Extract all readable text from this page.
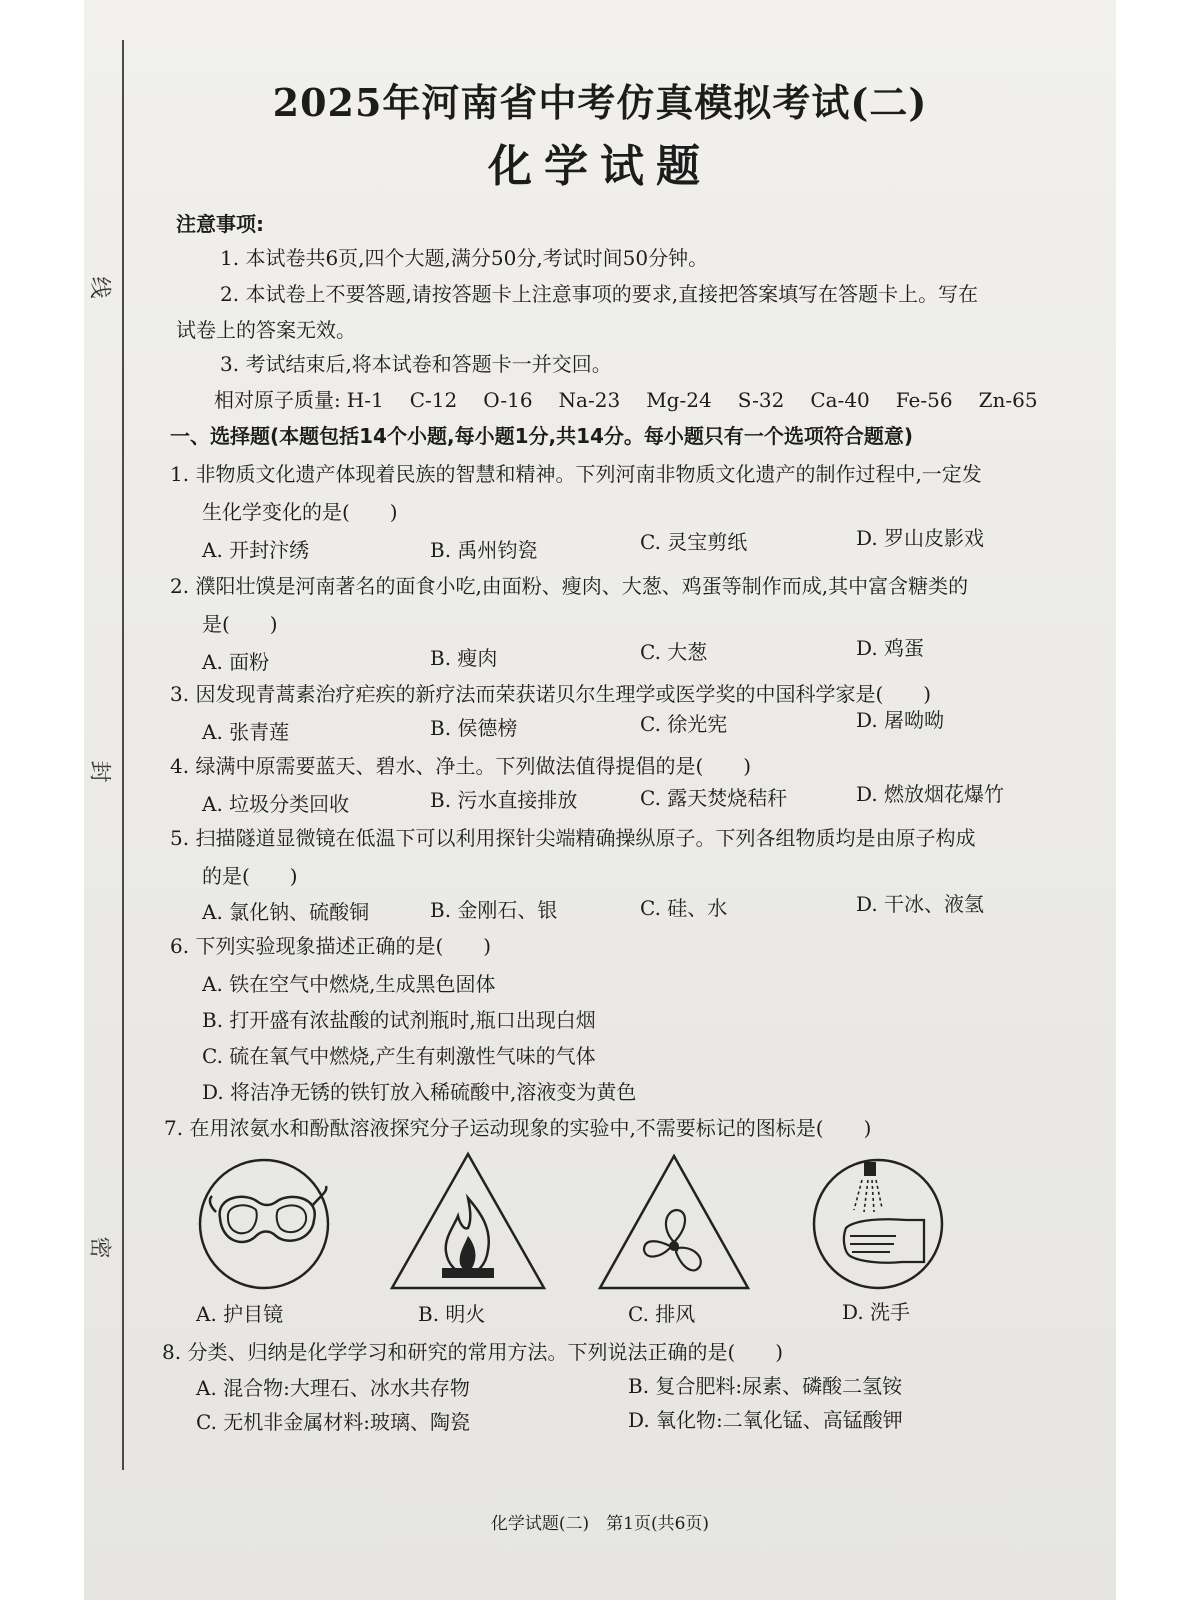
线
封
密
2025年河南省中考仿真模拟考试(二)
化学试题

注意事项:

1. 本试卷共6页,四个大题,满分50分,考试时间50分钟。

2. 本试卷上不要答题,请按答题卡上注意事项的要求,直接把答案填写在答题卡上。写在

试卷上的答案无效。

3. 考试结束后,将本试卷和答题卡一并交回。

相对原子质量: H-1 C-12 O-16 Na-23 Mg-24 S-32 Ca-40 Fe-56 Zn-65

一、选择题(本题包括14个小题,每小题1分,共14分。每小题只有一个选项符合题意)

1. 非物质文化遗产体现着民族的智慧和精神。下列河南非物质文化遗产的制作过程中,一定发

生化学变化的是(　　)

A. 开封汴绣	B. 禹州钧瓷	C. 灵宝剪纸	D. 罗山皮影戏

2. 濮阳壮馍是河南著名的面食小吃,由面粉、瘦肉、大葱、鸡蛋等制作而成,其中富含糖类的

是(　　)

A. 面粉	B. 瘦肉	C. 大葱	D. 鸡蛋

3. 因发现青蒿素治疗疟疾的新疗法而荣获诺贝尔生理学或医学奖的中国科学家是(　　)

A. 张青莲	B. 侯德榜	C. 徐光宪	D. 屠呦呦

4. 绿满中原需要蓝天、碧水、净土。下列做法值得提倡的是(　　)

A. 垃圾分类回收	B. 污水直接排放	C. 露天焚烧秸秆	D. 燃放烟花爆竹

5. 扫描隧道显微镜在低温下可以利用探针尖端精确操纵原子。下列各组物质均是由原子构成

的是(　　)

A. 氯化钠、硫酸铜	B. 金刚石、银	C. 硅、水	D. 干冰、液氢

6. 下列实验现象描述正确的是(　　)

A. 铁在空气中燃烧,生成黑色固体

B. 打开盛有浓盐酸的试剂瓶时,瓶口出现白烟

C. 硫在氧气中燃烧,产生有刺激性气味的气体

D. 将洁净无锈的铁钉放入稀硫酸中,溶液变为黄色

7. 在用浓氨水和酚酞溶液探究分子运动现象的实验中,不需要标记的图标是(　　)

A. 护目镜	B. 明火	C. 排风	D. 洗手

8. 分类、归纳是化学学习和研究的常用方法。下列说法正确的是(　　)

A. 混合物:大理石、冰水共存物	B. 复合肥料:尿素、磷酸二氢铵

C. 无机非金属材料:玻璃、陶瓷	D. 氧化物:二氧化锰、高锰酸钾

化学试题(二)　第1页(共6页)
